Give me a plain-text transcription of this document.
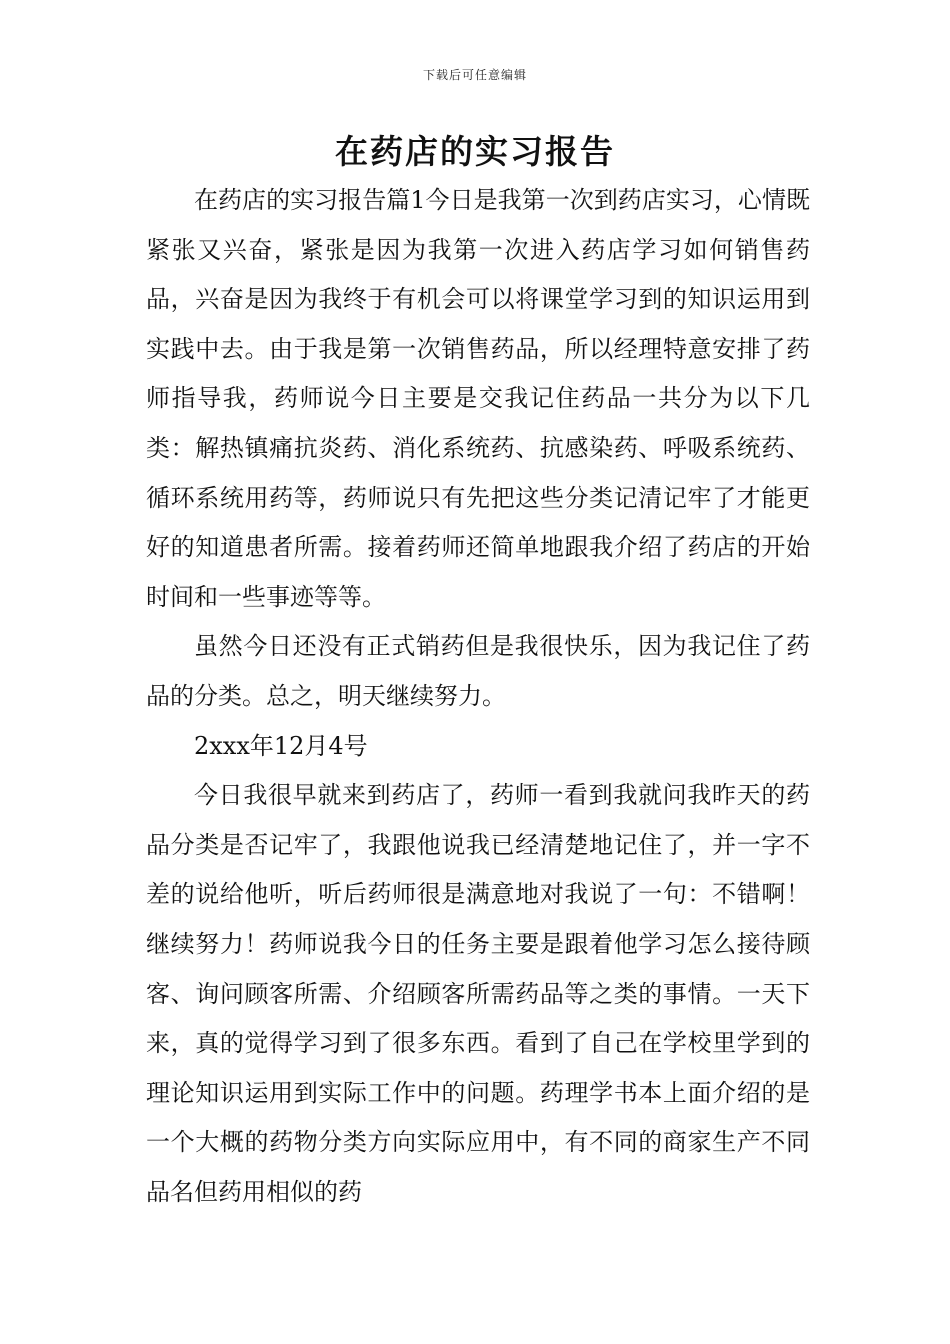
下载后可任意编辑
在药店的实习报告

在药店的实习报告篇1今日是我第一次到药店实习，心情既紧张又兴奋，紧张是因为我第一次进入药店学习如何销售药品，兴奋是因为我终于有机会可以将课堂学习到的知识运用到实践中去。由于我是第一次销售药品，所以经理特意安排了药师指导我，药师说今日主要是交我记住药品一共分为以下几类：解热镇痛抗炎药、消化系统药、抗感染药、呼吸系统药、循环系统用药等，药师说只有先把这些分类记清记牢了才能更好的知道患者所需。接着药师还简单地跟我介绍了药店的开始时间和一些事迹等等。

虽然今日还没有正式销药但是我很快乐，因为我记住了药品的分类。总之，明天继续努力。

2xxx年12月4号

今日我很早就来到药店了，药师一看到我就问我昨天的药品分类是否记牢了，我跟他说我已经清楚地记住了，并一字不差的说给他听，听后药师很是满意地对我说了一句：不错啊！继续努力！药师说我今日的任务主要是跟着他学习怎么接待顾客、询问顾客所需、介绍顾客所需药品等之类的事情。一天下来，真的觉得学习到了很多东西。看到了自己在学校里学到的理论知识运用到实际工作中的问题。药理学书本上面介绍的是一个大概的药物分类方向实际应用中，有不同的商家生产不同品名但药用相似的药
